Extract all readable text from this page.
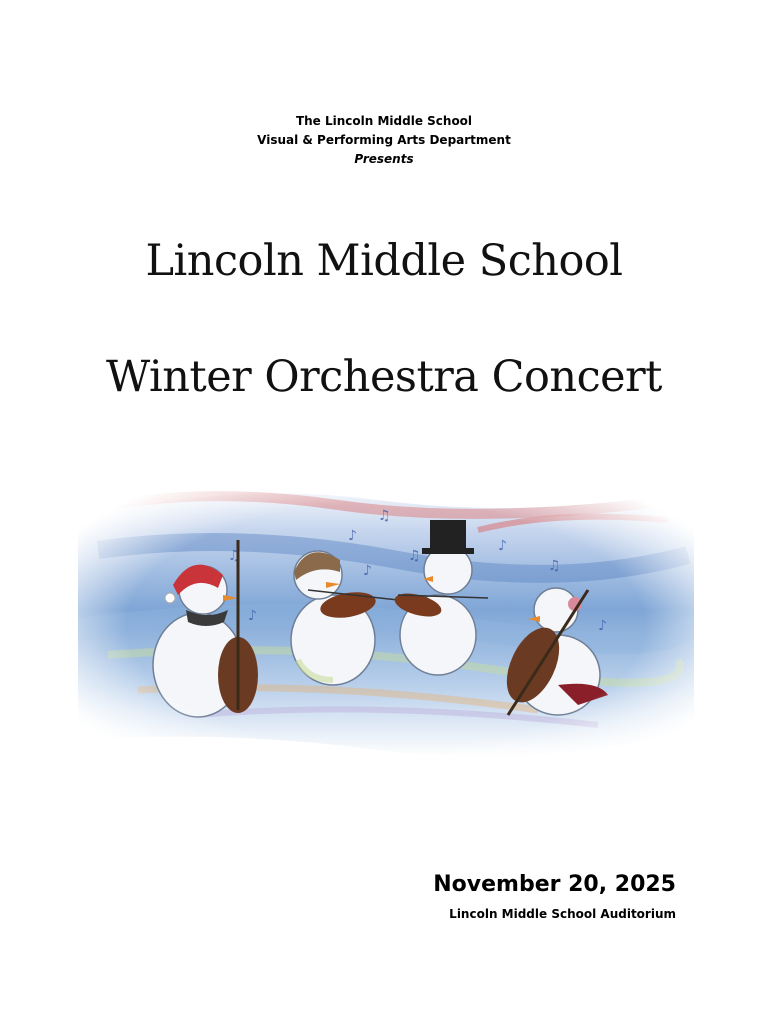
The Lincoln Middle School
Visual & Performing Arts Department
Presents
Lincoln Middle School
Winter Orchestra Concert
November 20, 2025
Lincoln Middle School Auditorium
